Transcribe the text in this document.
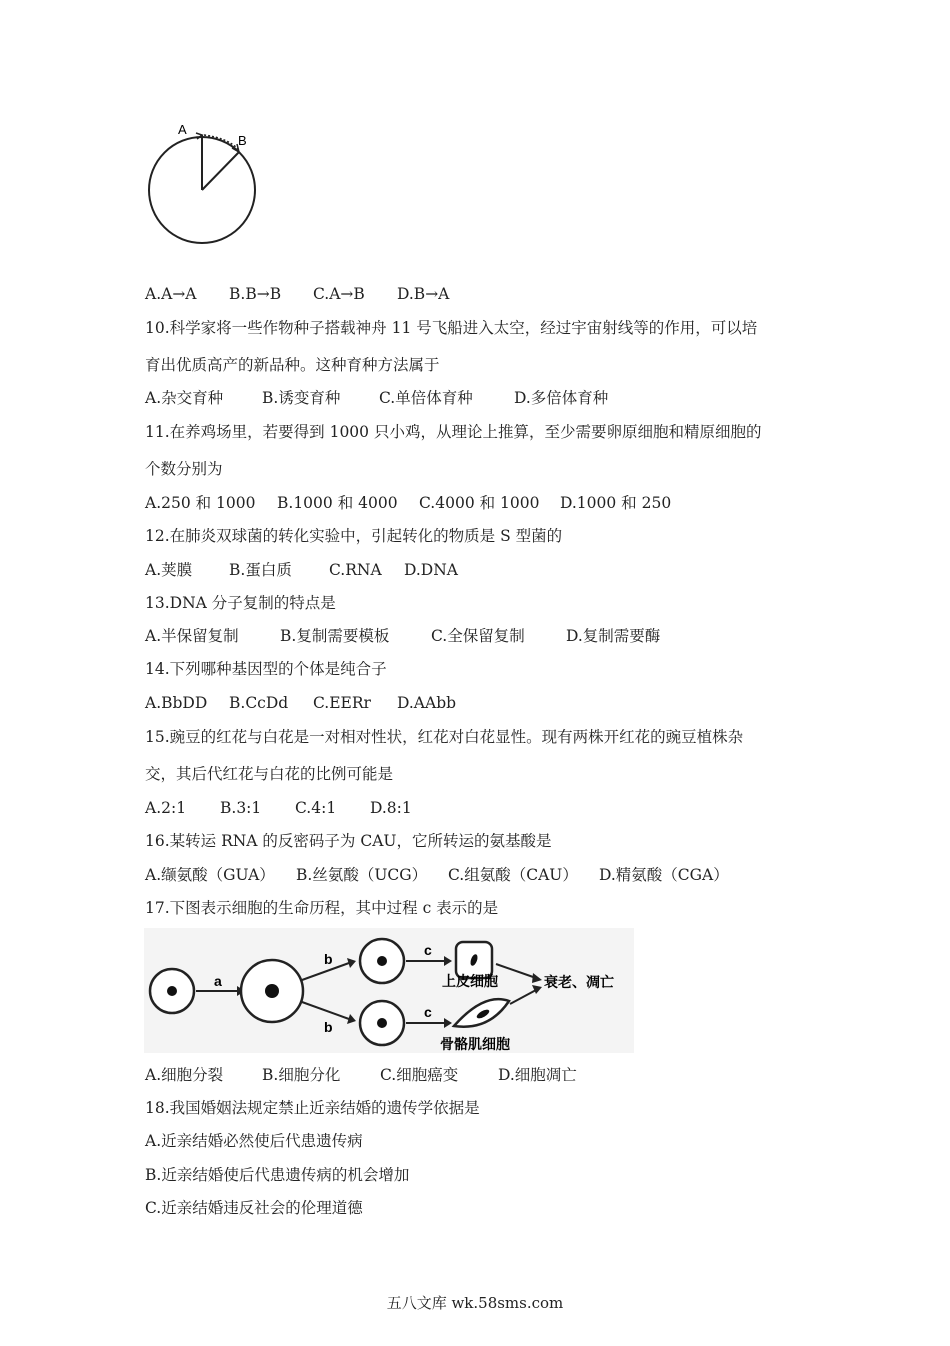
A
B
A.A→A B.B→B C.A→B D.B→A
10.科学家将一些作物种子搭载神舟 11 号飞船进入太空，经过宇宙射线等的作用，可以培
育出优质高产的新品种。这种育种方法属于
A.杂交育种	B.诱变育种 C.单倍体育种	D.多倍体育种
11.在养鸡场里，若要得到 1000 只小鸡，从理论上推算，至少需要卵原细胞和精原细胞的
个数分别为
A.250 和 1000 B.1000 和 4000 C.4000 和 1000 D.1000 和 250
12.在肺炎双球菌的转化实验中，引起转化的物质是 S 型菌的
A.荚膜 B.蛋白质 C.RNA D.DNA
13.DNA 分子复制的特点是
A.半保留复制	B.复制需要模板	C.全保留复制	D.复制需要酶
14.下列哪种基因型的个体是纯合子
A.BbDD B.CcDd C.EERr D.AAbb
15.豌豆的红花与白花是一对相对性状，红花对白花显性。现有两株开红花的豌豆植株杂
交，其后代红花与白花的比例可能是
A.2:1 B.3:1 C.4:1 D.8:1
16.某转运 RNA 的反密码子为 CAU，它所转运的氨基酸是
A.缬氨酸（GUA） B.丝氨酸（UCG） C.组氨酸（CAU） D.精氨酸（CGA）
17.下图表示细胞的生命历程，其中过程 c 表示的是
a
b
b
c
c
上皮细胞
骨骼肌细胞
衰老、凋亡
A.细胞分裂	B.细胞分化	C.细胞癌变	D.细胞凋亡
18.我国婚姻法规定禁止近亲结婚的遗传学依据是
A.近亲结婚必然使后代患遗传病
B.近亲结婚使后代患遗传病的机会增加
C.近亲结婚违反社会的伦理道德
五八文库 wk.58sms.com
